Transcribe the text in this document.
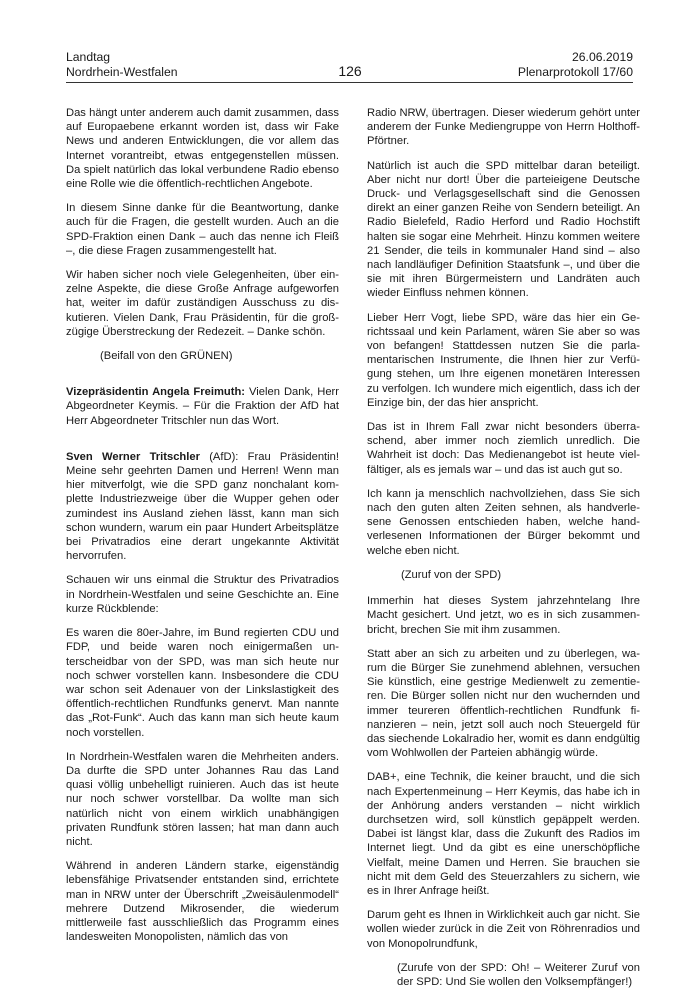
Landtag
Nordrhein-Westfalen	126
26.06.2019
Plenarprotokoll 17/60

Das hängt unter anderem auch damit zusammen, dass auf Europaebene erkannt worden ist, dass wir Fake News und anderen Entwicklungen, die vor allem das Internet vorantreibt, etwas entgegenstellen müssen. Da spielt natürlich das lokal verbundene Radio ebenso eine Rolle wie die öffentlich-rechtlichen Angebote.

In diesem Sinne danke für die Beantwortung, danke auch für die Fragen, die gestellt wurden. Auch an die SPD-Fraktion einen Dank – auch das nenne ich Fleiß –, die diese Fragen zusammengestellt hat.

Wir haben sicher noch viele Gelegenheiten, über einzelne Aspekte, die diese Große Anfrage aufgeworfen hat, weiter im dafür zuständigen Ausschuss zu diskutieren. Vielen Dank, Frau Präsidentin, für die großzügige Überstreckung der Redezeit. – Danke schön.

(Beifall von den GRÜNEN)

Vizepräsidentin Angela Freimuth: Vielen Dank, Herr Abgeordneter Keymis. – Für die Fraktion der AfD hat Herr Abgeordneter Tritschler nun das Wort.

Sven Werner Tritschler (AfD): Frau Präsidentin! Meine sehr geehrten Damen und Herren! Wenn man hier mitverfolgt, wie die SPD ganz nonchalant komplette Industriezweige über die Wupper gehen oder zumindest ins Ausland ziehen lässt, kann man sich schon wundern, warum ein paar Hundert Arbeitsplätze bei Privatradios eine derart ungekannte Aktivität hervorrufen.

Schauen wir uns einmal die Struktur des Privatradios in Nordrhein-Westfalen und seine Geschichte an. Eine kurze Rückblende:

Es waren die 80er-Jahre, im Bund regierten CDU und FDP, und beide waren noch einigermaßen unterscheidbar von der SPD, was man sich heute nur noch schwer vorstellen kann. Insbesondere die CDU war schon seit Adenauer von der Linkslastigkeit des öffentlich-rechtlichen Rundfunks genervt. Man nannte das „Rot-Funk“. Auch das kann man sich heute kaum noch vorstellen.

In Nordrhein-Westfalen waren die Mehrheiten anders. Da durfte die SPD unter Johannes Rau das Land quasi völlig unbehelligt ruinieren. Auch das ist heute nur noch schwer vorstellbar. Da wollte man sich natürlich nicht von einem wirklich unabhängigen privaten Rundfunk stören lassen; hat man dann auch nicht.

Während in anderen Ländern starke, eigenständig lebensfähige Privatsender entstanden sind, errichtete man in NRW unter der Überschrift „Zweisäulenmodell“ mehrere Dutzend Mikrosender, die wiederum mittlerweile fast ausschließlich das Programm eines landesweiten Monopolisten, nämlich das von

Radio NRW, übertragen. Dieser wiederum gehört unter anderem der Funke Mediengruppe von Herrn Holthoff-Pförtner.

Natürlich ist auch die SPD mittelbar daran beteiligt. Aber nicht nur dort! Über die parteieigene Deutsche Druck- und Verlagsgesellschaft sind die Genossen direkt an einer ganzen Reihe von Sendern beteiligt. An Radio Bielefeld, Radio Herford und Radio Hochstift halten sie sogar eine Mehrheit. Hinzu kommen weitere 21 Sender, die teils in kommunaler Hand sind – also nach landläufiger Definition Staatsfunk –, und über die sie mit ihren Bürgermeistern und Landräten auch wieder Einfluss nehmen können.

Lieber Herr Vogt, liebe SPD, wäre das hier ein Gerichtssaal und kein Parlament, wären Sie aber so was von befangen! Stattdessen nutzen Sie die parlamentarischen Instrumente, die Ihnen hier zur Verfügung stehen, um Ihre eigenen monetären Interessen zu verfolgen. Ich wundere mich eigentlich, dass ich der Einzige bin, der das hier anspricht.

Das ist in Ihrem Fall zwar nicht besonders überraschend, aber immer noch ziemlich unredlich. Die Wahrheit ist doch: Das Medienangebot ist heute vielfältiger, als es jemals war – und das ist auch gut so.

Ich kann ja menschlich nachvollziehen, dass Sie sich nach den guten alten Zeiten sehnen, als handverlesene Genossen entschieden haben, welche handverlesenen Informationen der Bürger bekommt und welche eben nicht.

(Zuruf von der SPD)

Immerhin hat dieses System jahrzehntelang Ihre Macht gesichert. Und jetzt, wo es in sich zusammenbricht, brechen Sie mit ihm zusammen.

Statt aber an sich zu arbeiten und zu überlegen, warum die Bürger Sie zunehmend ablehnen, versuchen Sie künstlich, eine gestrige Medienwelt zu zementieren. Die Bürger sollen nicht nur den wuchernden und immer teureren öffentlich-rechtlichen Rundfunk finanzieren – nein, jetzt soll auch noch Steuergeld für das siechende Lokalradio her, womit es dann endgültig vom Wohlwollen der Parteien abhängig würde.

DAB+, eine Technik, die keiner braucht, und die sich nach Expertenmeinung – Herr Keymis, das habe ich in der Anhörung anders verstanden – nicht wirklich durchsetzen wird, soll künstlich gepäppelt werden. Dabei ist längst klar, dass die Zukunft des Radios im Internet liegt. Und da gibt es eine unerschöpfliche Vielfalt, meine Damen und Herren. Sie brauchen sie nicht mit dem Geld des Steuerzahlers zu sichern, wie es in Ihrer Anfrage heißt.

Darum geht es Ihnen in Wirklichkeit auch gar nicht. Sie wollen wieder zurück in die Zeit von Röhrenradios und von Monopolrundfunk,

(Zurufe von der SPD: Oh! – Weiterer Zuruf von der SPD: Und Sie wollen den Volksempfänger!)
